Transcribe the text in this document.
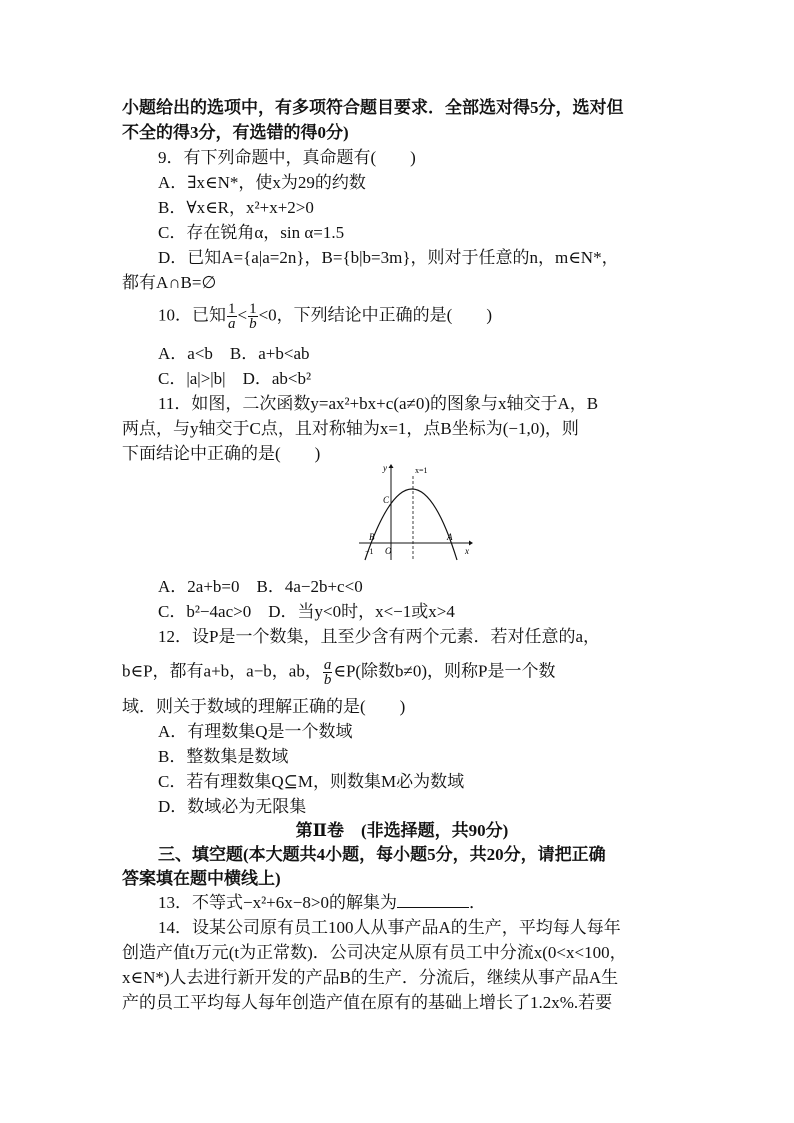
小题给出的选项中，有多项符合题目要求．全部选对得5分，选对但
不全的得3分，有选错的得0分)
9．有下列命题中，真命题有(　　)
A．∃x∈N*，使x为29的约数
B．∀x∈R，x²+x+2>0
C．存在锐角α，sin α=1.5
D．已知A={a|a=2n}，B={b|b=3m}，则对于任意的n，m∈N*，
都有A∩B=∅
10．已知 $\frac{1}{a} < \frac{1}{b} <0$，下列结论中正确的是(　　)
A．a<b　B．a+b<ab
C．|a|>|b|　D．ab<b²
11．如图，二次函数y=ax²+bx+c(a≠0)的图象与x轴交于A，B
两点，与y轴交于C点，且对称轴为x=1，点B坐标为(−1,0)，则
下面结论中正确的是(　　)
y
x
x=1
C
B	A
O
−1
A．2a+b=0　B．4a−2b+c<0
C．b²−4ac>0　D．当y<0时，x<−1或x>4
12．设P是一个数集，且至少含有两个元素．若对任意的a，
b∈P，都有a+b，a−b，ab， $\frac{a}{b}$ ∈P(除数b≠0)，则称P是一个数
域．则关于数域的理解正确的是(　　)
A．有理数集Q是一个数域
B．整数集是数域
C．若有理数集Q⊆M，则数集M必为数域
D．数域必为无限集
第Ⅱ卷　(非选择题，共90分)
三、填空题(本大题共4小题，每小题5分，共20分，请把正确
答案填在题中横线上)
13．不等式−x²+6x−8>0的解集为	．
14．设某公司原有员工100人从事产品A的生产，平均每人每年
创造产值t万元(t为正常数)．公司决定从原有员工中分流x(0<x<100，
x∈N*)人去进行新开发的产品B的生产．分流后，继续从事产品A生
产的员工平均每人每年创造产值在原有的基础上增长了1.2x%.若要
